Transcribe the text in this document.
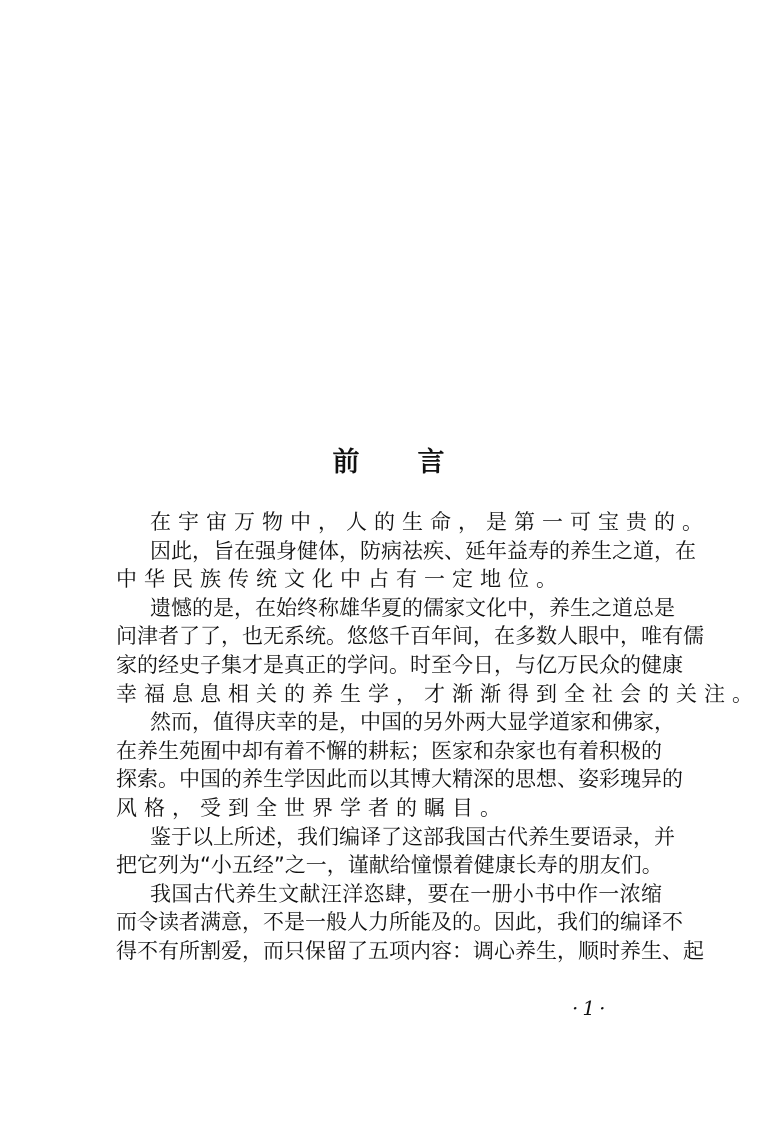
前言
在宇宙万物中，人的生命，是第一可宝贵的。
因此，旨在强身健体，防病祛疾、延年益寿的养生之道，在
中华民族传统文化中占有一定地位。
遗憾的是，在始终称雄华夏的儒家文化中，养生之道总是
问津者了了，也无系统。悠悠千百年间，在多数人眼中，唯有儒
家的经史子集才是真正的学问。时至今日，与亿万民众的健康
幸福息息相关的养生学，才渐渐得到全社会的关注。
然而，值得庆幸的是，中国的另外两大显学道家和佛家，
在养生苑囿中却有着不懈的耕耘；医家和杂家也有着积极的
探索。中国的养生学因此而以其博大精深的思想、姿彩瑰异的
风格，受到全世界学者的瞩目。
鉴于以上所述，我们编译了这部我国古代养生要语录，并
把它列为“小五经”之一，谨献给憧憬着健康长寿的朋友们。
我国古代养生文献汪洋恣肆，要在一册小书中作一浓缩
而令读者满意，不是一般人力所能及的。因此，我们的编译不
得不有所割爱，而只保留了五项内容：调心养生，顺时养生、起
·1·
